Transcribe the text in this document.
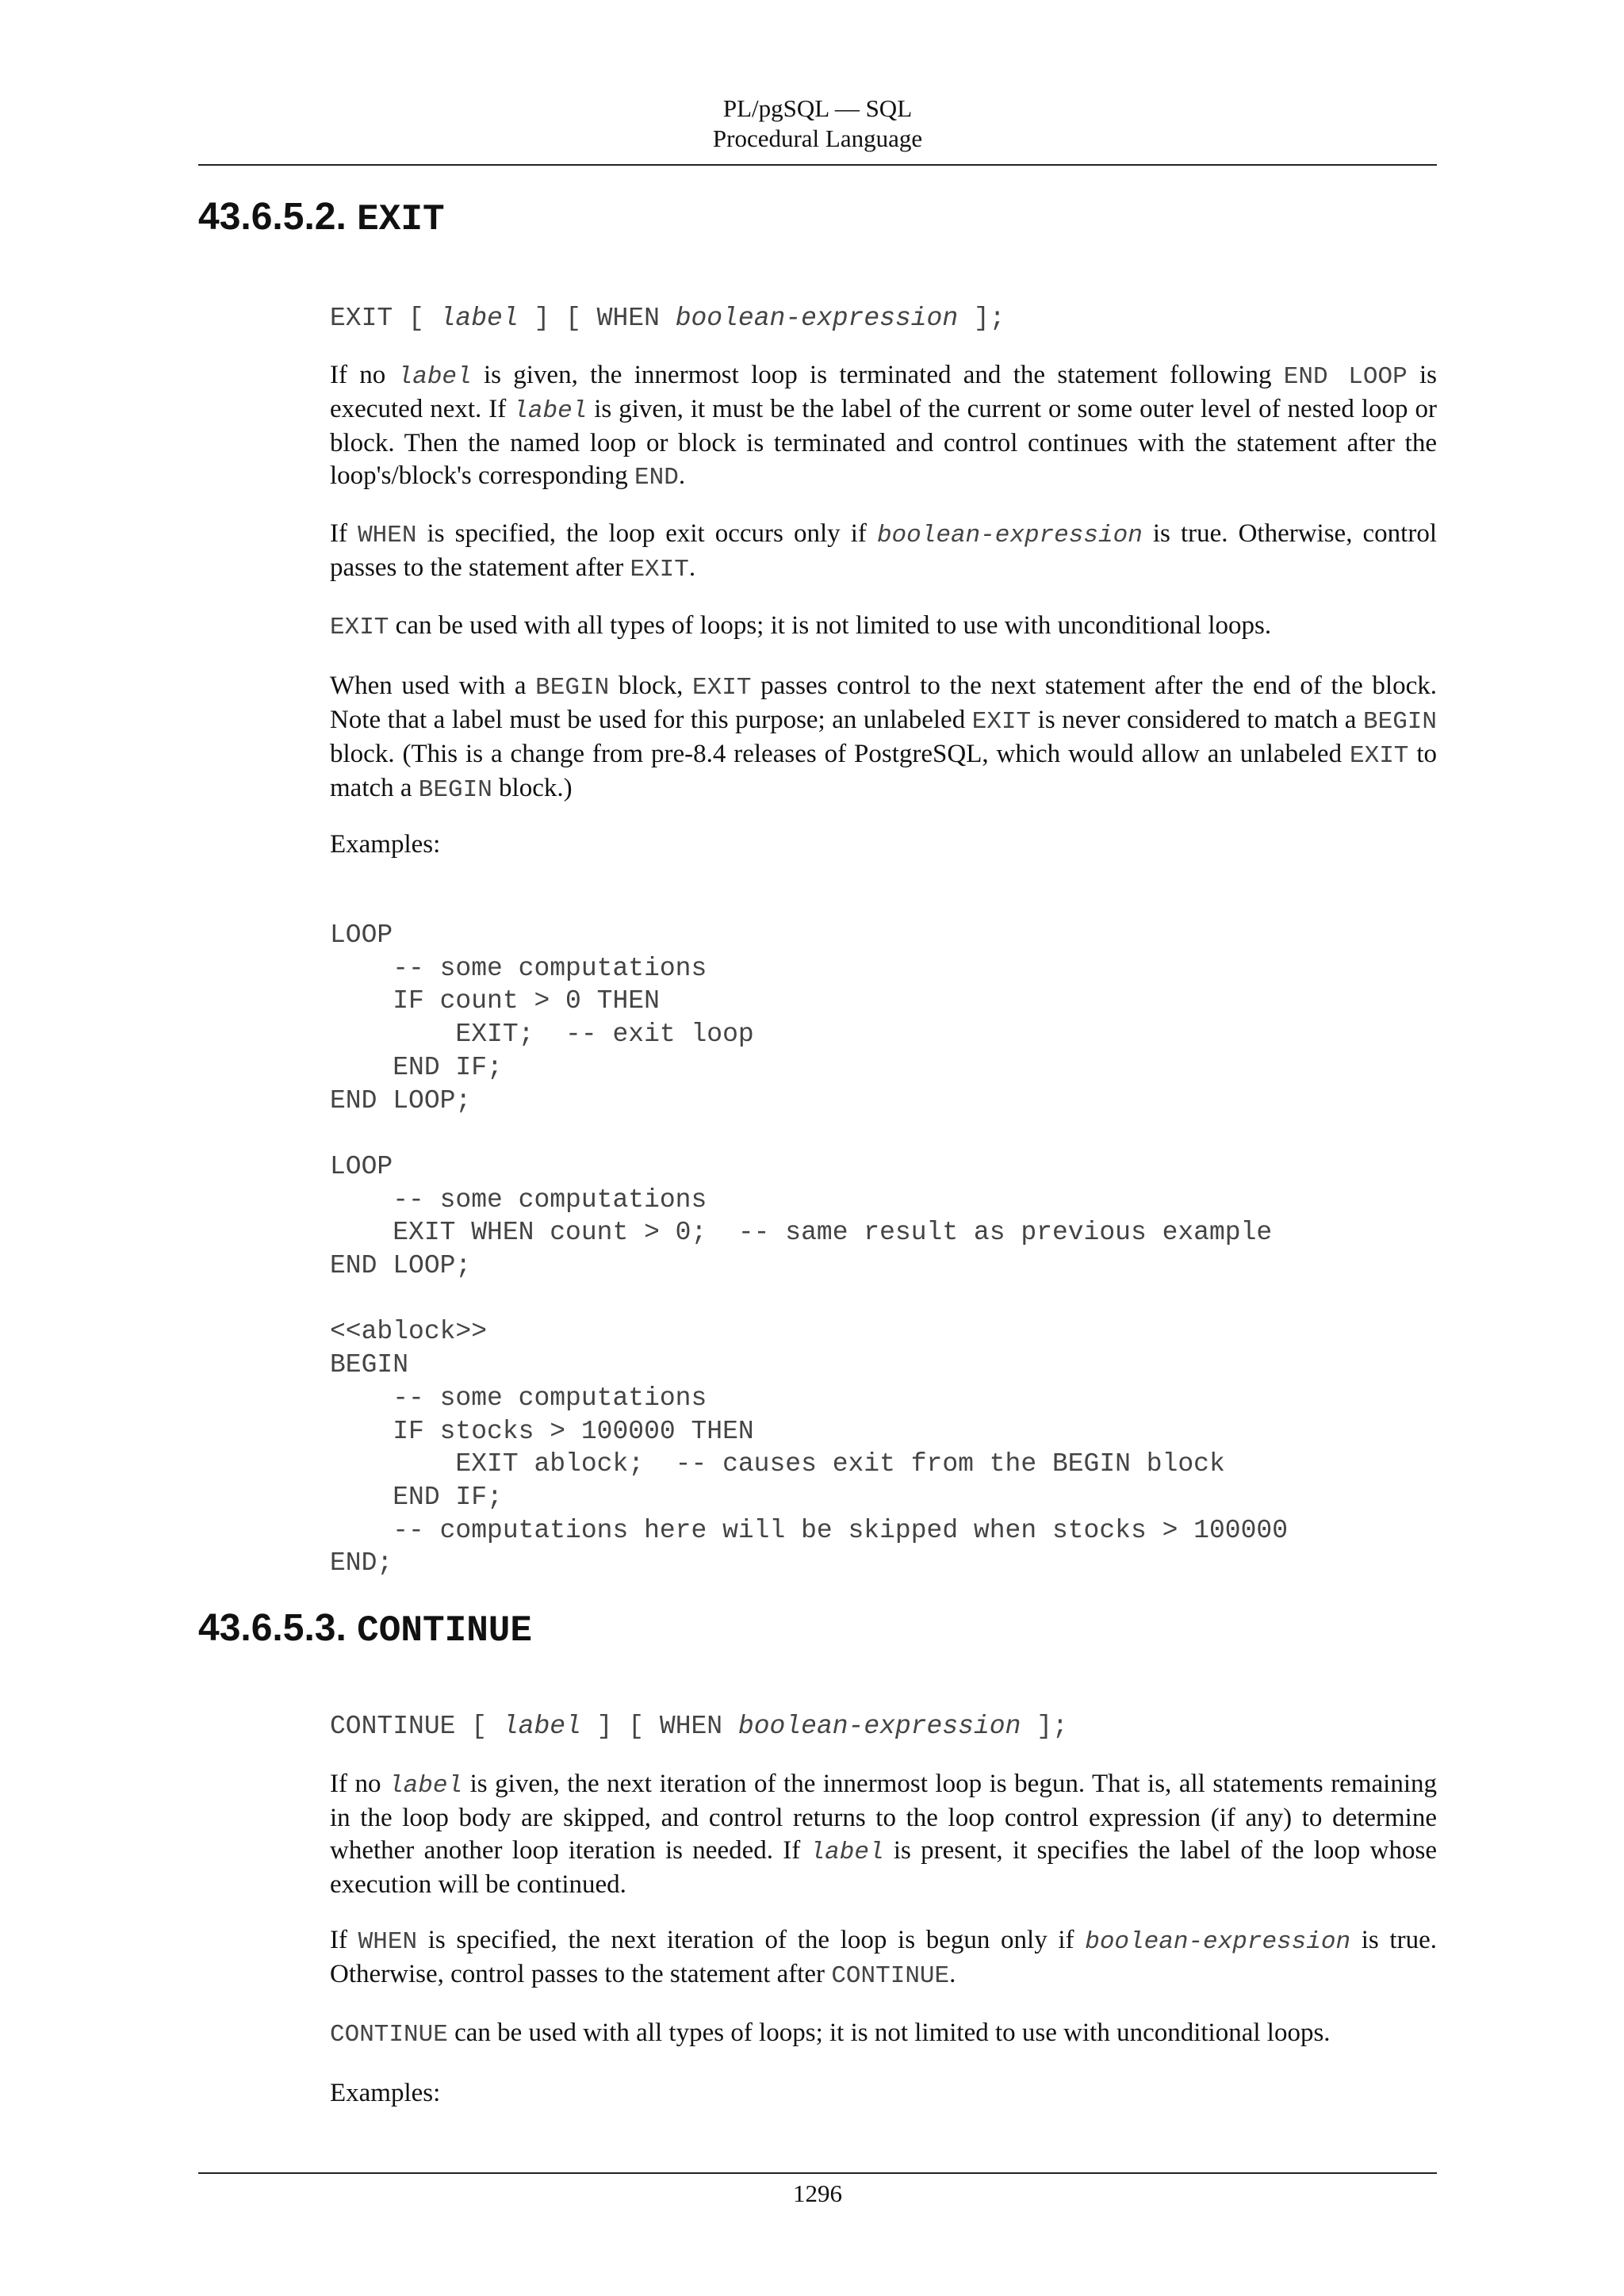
PL/pgSQL — SQL
Procedural Language
43.6.5.2. EXIT
EXIT [ label ] [ WHEN boolean-expression ];

If no label is given, the innermost loop is terminated and the statement following END LOOP is executed next. If label is given, it must be the label of the current or some outer level of nested loop or block. Then the named loop or block is terminated and control continues with the statement after the loop's/block's corresponding END.

If WHEN is specified, the loop exit occurs only if boolean-expression is true. Otherwise, control passes to the statement after EXIT.

EXIT can be used with all types of loops; it is not limited to use with unconditional loops.

When used with a BEGIN block, EXIT passes control to the next statement after the end of the block. Note that a label must be used for this purpose; an unlabeled EXIT is never considered to match a BEGIN block. (This is a change from pre-8.4 releases of PostgreSQL, which would allow an unlabeled EXIT to match a BEGIN block.)

Examples:

LOOP
-- some computations
IF count > 0 THEN
EXIT;  -- exit loop
END IF;
END LOOP;

LOOP
-- some computations
EXIT WHEN count > 0;  -- same result as previous example
END LOOP;

<<ablock>>
BEGIN
-- some computations
IF stocks > 100000 THEN
EXIT ablock;  -- causes exit from the BEGIN block
END IF;
-- computations here will be skipped when stocks > 100000
END;
43.6.5.3. CONTINUE
CONTINUE [ label ] [ WHEN boolean-expression ];

If no label is given, the next iteration of the innermost loop is begun. That is, all statements remaining in the loop body are skipped, and control returns to the loop control expression (if any) to determine whether another loop iteration is needed. If label is present, it specifies the label of the loop whose execution will be continued.

If WHEN is specified, the next iteration of the loop is begun only if boolean-expression is true. Otherwise, control passes to the statement after CONTINUE.

CONTINUE can be used with all types of loops; it is not limited to use with unconditional loops.

Examples:

1296
